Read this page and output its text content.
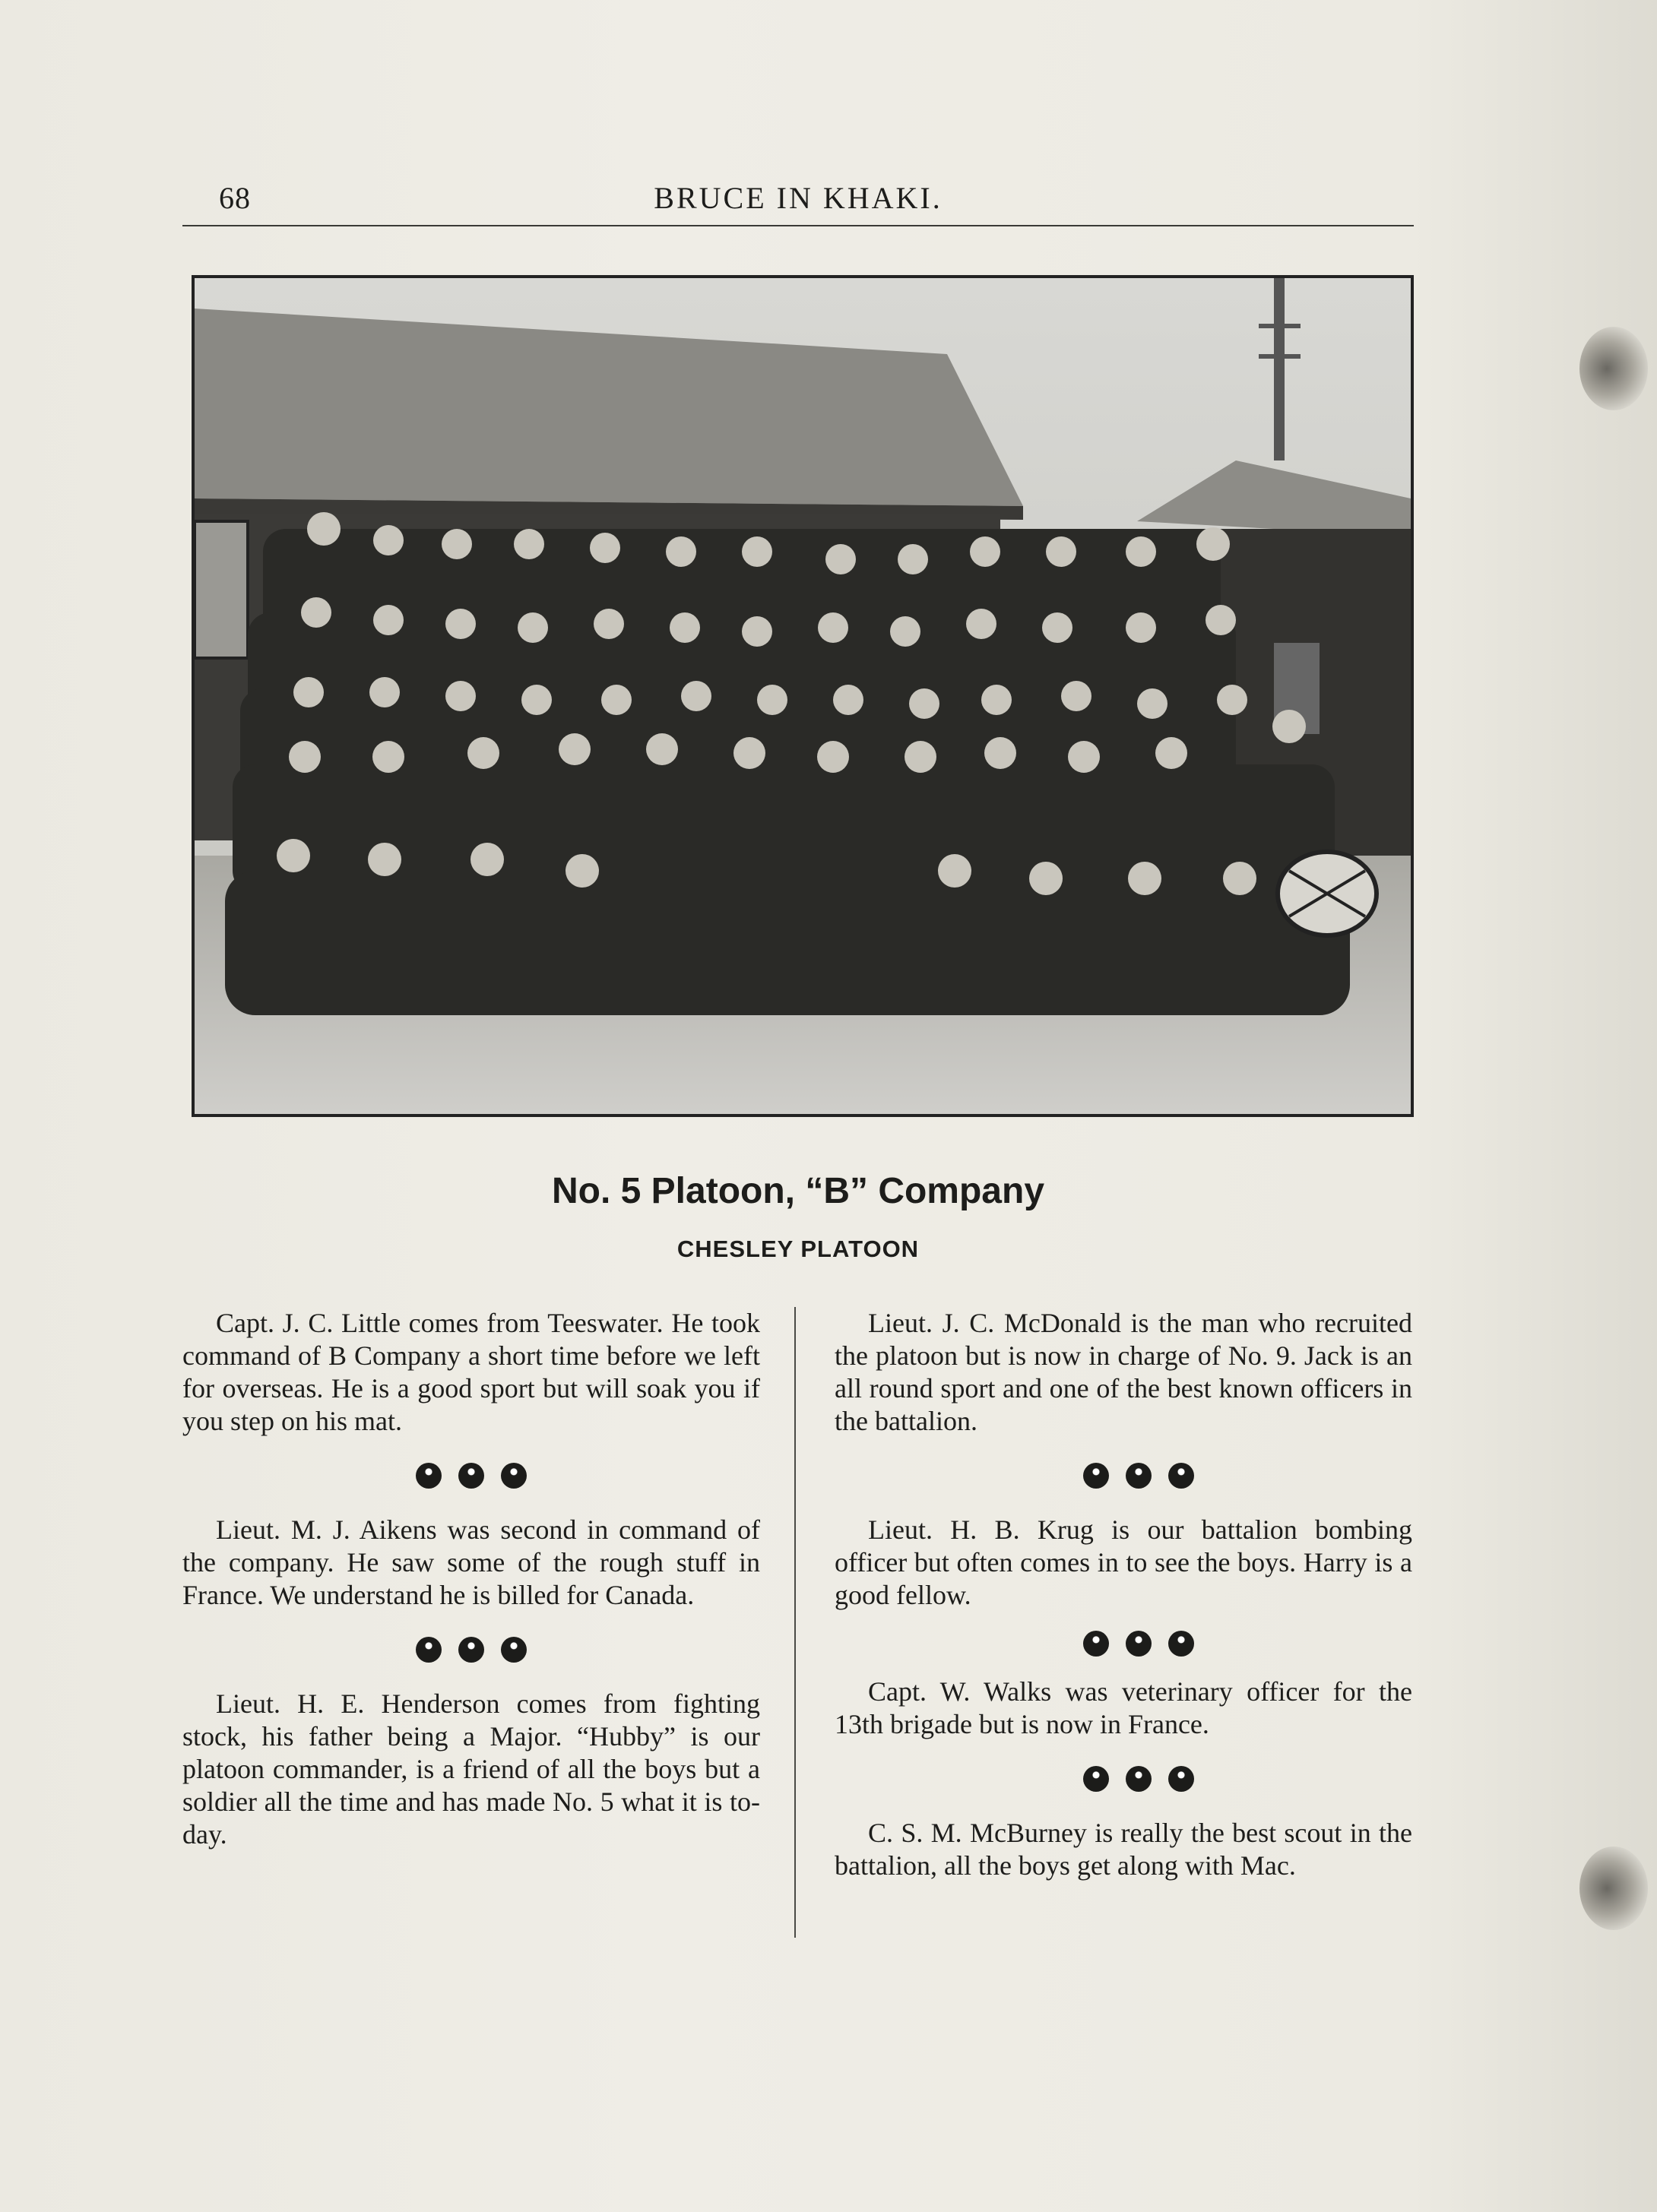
68	BRUCE IN KHAKI.
No. 5 Platoon, “B” Company
CHESLEY PLATOON

Capt. J. C. Little comes from Teeswater. He took command of B Company a short time before we left for overseas. He is a good sport but will soak you if you step on his mat.

Lieut. M. J. Aikens was second in command of the company. He saw some of the rough stuff in France. We understand he is billed for Canada.

Lieut. H. E. Henderson comes from fighting stock, his father being a Major. “Hubby” is our platoon commander, is a friend of all the boys but a soldier all the time and has made No. 5 what it is to-day.

Lieut. J. C. McDonald is the man who recruited the platoon but is now in charge of No. 9. Jack is an all round sport and one of the best known officers in the battalion.

Lieut. H. B. Krug is our battalion bombing officer but often comes in to see the boys. Harry is a good fellow.

Capt. W. Walks was veterinary officer for the 13th brigade but is now in France.

C. S. M. McBurney is really the best scout in the battalion, all the boys get along with Mac.
